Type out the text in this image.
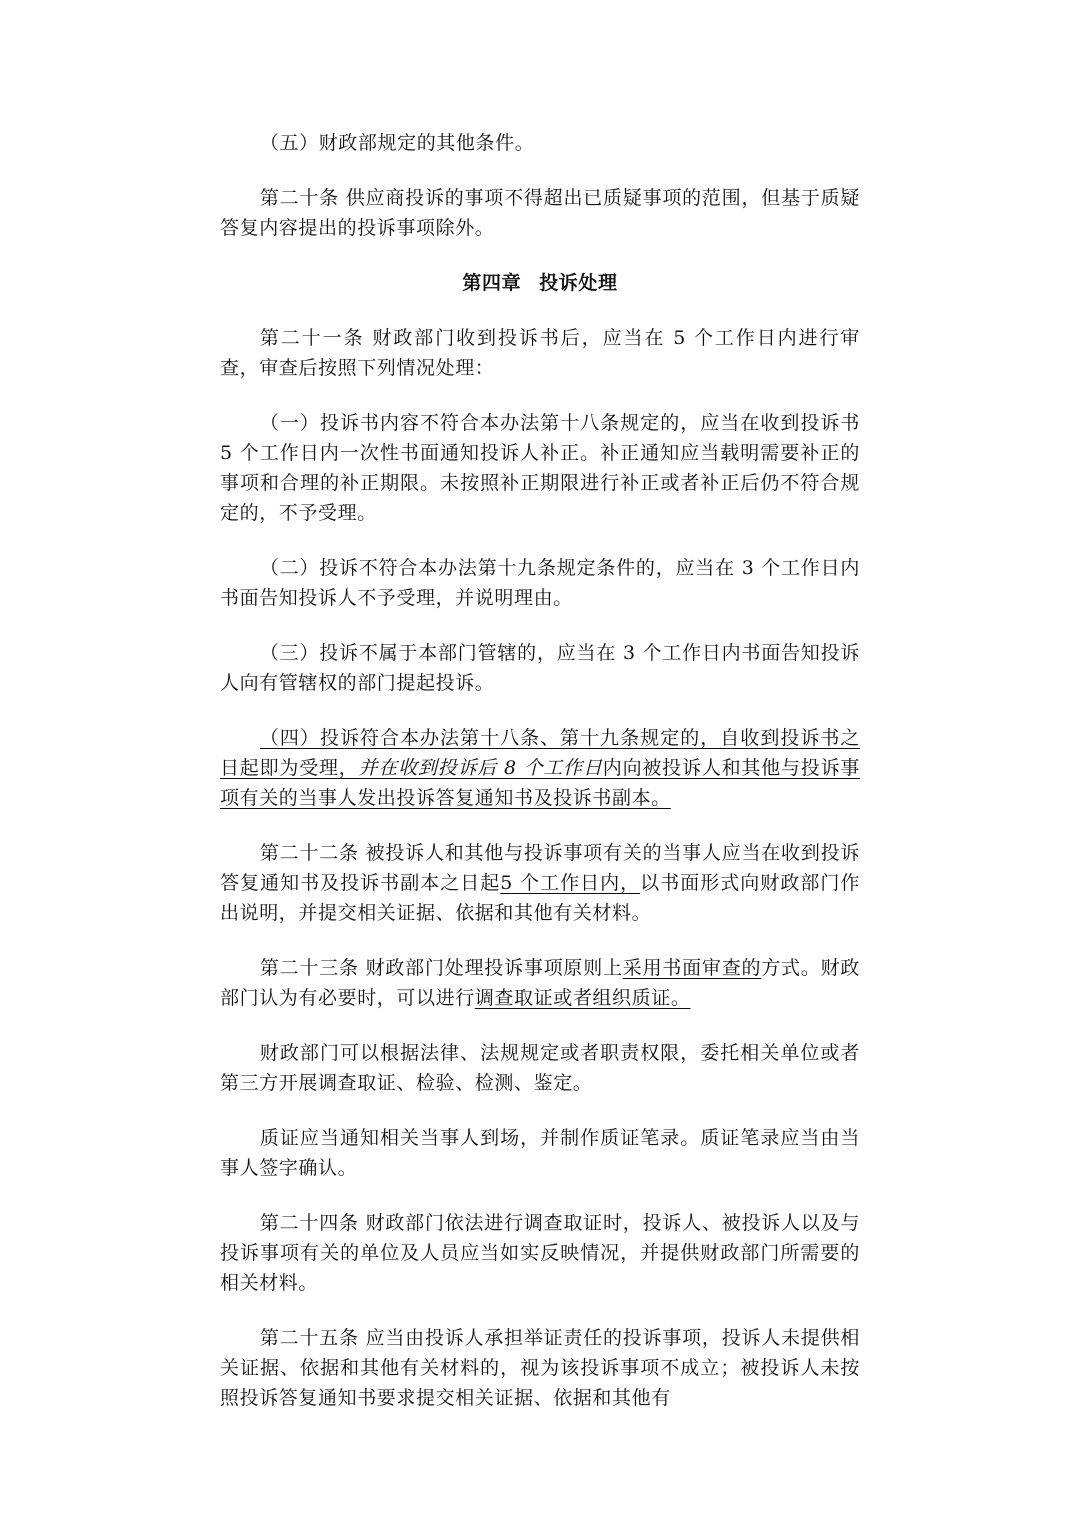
（五）财政部规定的其他条件。

第二十条 供应商投诉的事项不得超出已质疑事项的范围，但基于质疑答复内容提出的投诉事项除外。

第四章 投诉处理

第二十一条 财政部门收到投诉书后，应当在 5 个工作日内进行审查，审查后按照下列情况处理：

（一）投诉书内容不符合本办法第十八条规定的，应当在收到投诉书 5 个工作日内一次性书面通知投诉人补正。补正通知应当载明需要补正的事项和合理的补正期限。未按照补正期限进行补正或者补正后仍不符合规定的，不予受理。

（二）投诉不符合本办法第十九条规定条件的，应当在 3 个工作日内书面告知投诉人不予受理，并说明理由。

（三）投诉不属于本部门管辖的，应当在 3 个工作日内书面告知投诉人向有管辖权的部门提起投诉。

（四）投诉符合本办法第十八条、第十九条规定的，自收到投诉书之日起即为受理，并在收到投诉后 8 个工作日内向被投诉人和其他与投诉事项有关的当事人发出投诉答复通知书及投诉书副本。

第二十二条 被投诉人和其他与投诉事项有关的当事人应当在收到投诉答复通知书及投诉书副本之日起5 个工作日内，以书面形式向财政部门作出说明，并提交相关证据、依据和其他有关材料。

第二十三条 财政部门处理投诉事项原则上采用书面审查的方式。财政部门认为有必要时，可以进行调查取证或者组织质证。

财政部门可以根据法律、法规规定或者职责权限，委托相关单位或者第三方开展调查取证、检验、检测、鉴定。

质证应当通知相关当事人到场，并制作质证笔录。质证笔录应当由当事人签字确认。

第二十四条 财政部门依法进行调查取证时，投诉人、被投诉人以及与投诉事项有关的单位及人员应当如实反映情况，并提供财政部门所需要的相关材料。

第二十五条 应当由投诉人承担举证责任的投诉事项，投诉人未提供相关证据、依据和其他有关材料的，视为该投诉事项不成立；被投诉人未按照投诉答复通知书要求提交相关证据、依据和其他有
